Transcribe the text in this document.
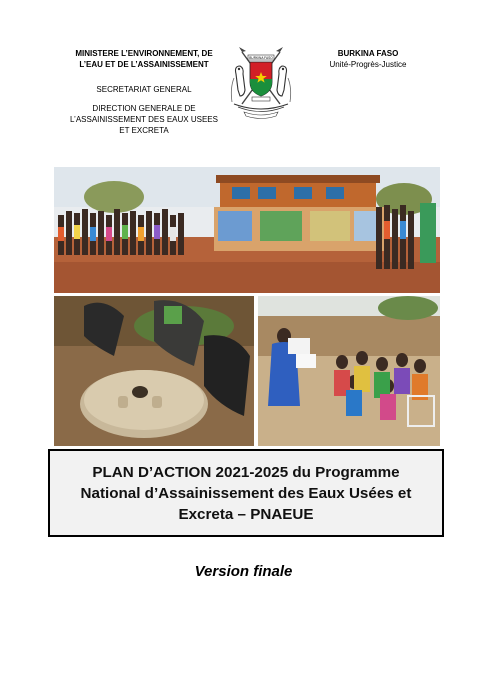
MINISTERE L’ENVIRONNEMENT, DE
L’EAU ET DE L’ASSAINISSEMENT
SECRETARIAT GENERAL
DIRECTION GENERALE DE
L’ASSAINISSEMENT DES EAUX USEES
ET EXCRETA
BURKINA FASO	BURKINA FASO
Unité-Progrès-Justice
PLAN D’ACTION 2021-2025 du Programme
National d’Assainissement des Eaux Usées et
Excreta – PNAEUE
Version finale
